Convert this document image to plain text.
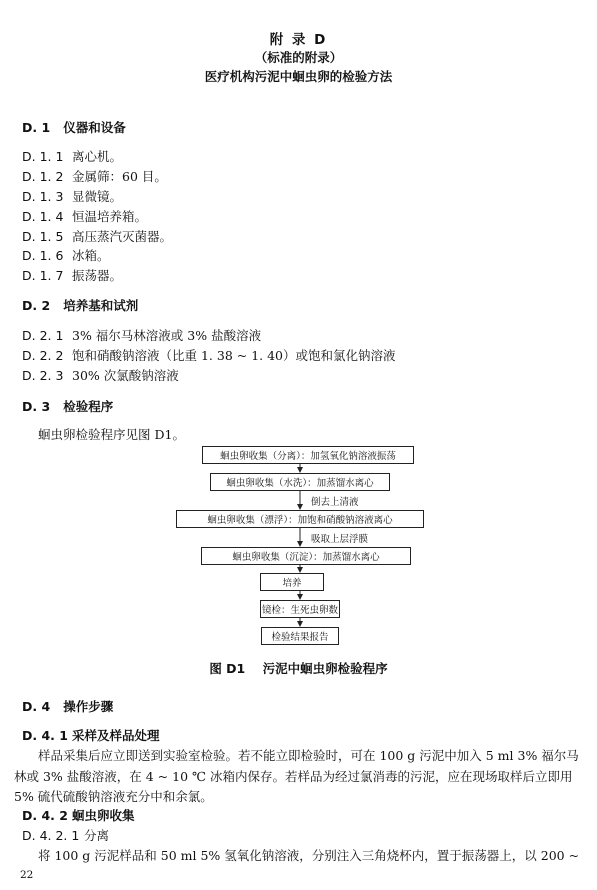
附 录 D
（标准的附录）
医疗机构污泥中蛔虫卵的检验方法
D. 1 仪器和设备
D. 1. 1 离心机。
D. 1. 2 金属筛：60 目。
D. 1. 3 显微镜。
D. 1. 4 恒温培养箱。
D. 1. 5 高压蒸汽灭菌器。
D. 1. 6 冰箱。
D. 1. 7 振荡器。
D. 2 培养基和试剂
D. 2. 1 3% 福尔马林溶液或 3% 盐酸溶液
D. 2. 2 饱和硝酸钠溶液（比重 1. 38 ~ 1. 40）或饱和氯化钠溶液
D. 2. 3 30% 次氯酸钠溶液
D. 3 检验程序
蛔虫卵检验程序见图 D1。
蛔虫卵收集（分离）：加氢氧化钠溶液振荡
蛔虫卵收集（水洗）：加蒸馏水离心
倒去上清液
蛔虫卵收集（漂浮）：加饱和硝酸钠溶液离心
吸取上层浮膜
蛔虫卵收集（沉淀）：加蒸馏水离心
培养
镜检：生死虫卵数
检验结果报告
图 D1    污泥中蛔虫卵检验程序
D. 4 操作步骤
D. 4. 1 采样及样品处理
样品采集后应立即送到实验室检验。若不能立即检验时，可在 100 g 污泥中加入 5 ml 3% 福尔马
林或 3% 盐酸溶液，在 4 ~ 10 ℃ 冰箱内保存。若样品为经过氯消毒的污泥，应在现场取样后立即用
5% 硫代硫酸钠溶液充分中和余氯。
D. 4. 2 蛔虫卵收集
D. 4. 2. 1 分离
将 100 g 污泥样品和 50 ml 5% 氢氧化钠溶液，分别注入三角烧杯内，置于振荡器上，以 200 ~
22
